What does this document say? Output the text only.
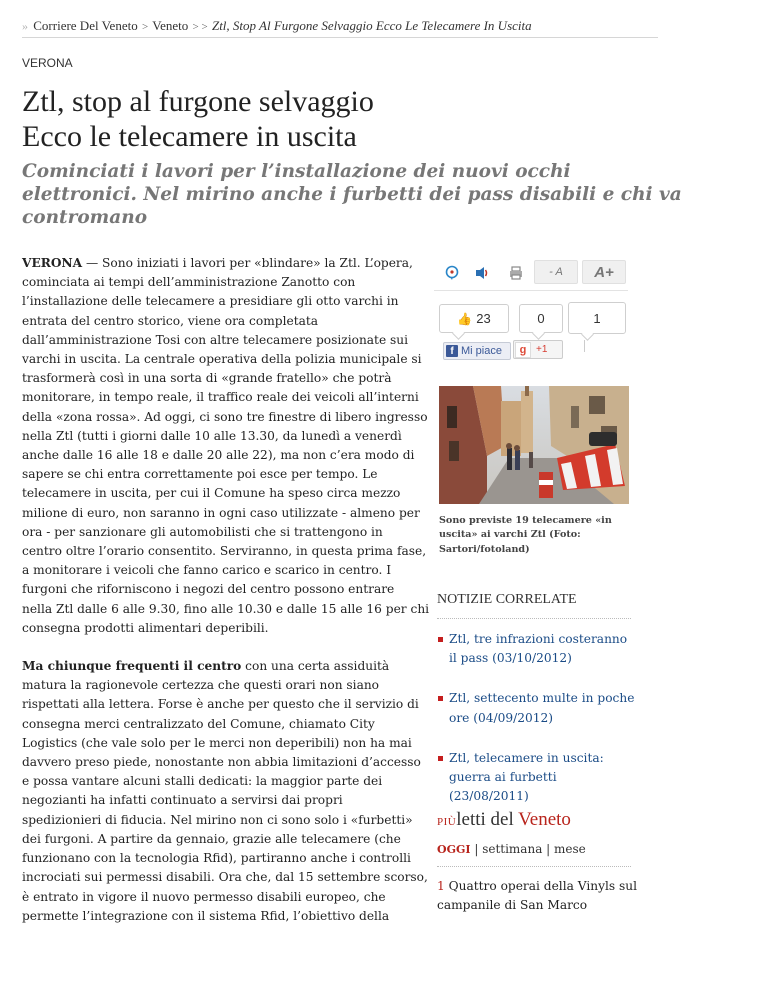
» Corriere Del Veneto > Veneto > > Ztl, Stop Al Furgone Selvaggio Ecco Le Telecamere In Uscita
VERONA
Ztl, stop al furgone selvaggio
Ecco le telecamere in uscita
Cominciati i lavori per l’installazione dei nuovi occhi
elettronici. Nel mirino anche i furbetti dei pass disabili e chi va
contromano

VERONA — Sono iniziati i lavori per «blindare» la Ztl. L’opera,
cominciata ai tempi dell’amministrazione Zanotto con
l’installazione delle telecamere a presidiare gli otto varchi in
entrata del centro storico, viene ora completata
dall’amministrazione Tosi con altre telecamere posizionate sui
varchi in uscita. La centrale operativa della polizia municipale si
trasformerà così in una sorta di «grande fratello» che potrà
monitorare, in tempo reale, il traffico reale dei veicoli all’interni
della «zona rossa». Ad oggi, ci sono tre finestre di libero ingresso
nella Ztl (tutti i giorni dalle 10 alle 13.30, da lunedì a venerdì
anche dalle 16 alle 18 e dalle 20 alle 22), ma non c’era modo di
sapere se chi entra correttamente poi esce per tempo. Le
telecamere in uscita, per cui il Comune ha speso circa mezzo
milione di euro, non saranno in ogni caso utilizzate - almeno per
ora - per sanzionare gli automobilisti che si trattengono in
centro oltre l’orario consentito. Serviranno, in questa prima fase,
a monitorare i veicoli che fanno carico e scarico in centro. I
furgoni che riforniscono i negozi del centro possono entrare
nella Ztl dalle 6 alle 9.30, fino alle 10.30 e dalle 15 alle 16 per chi
consegna prodotti alimentari deperibili.

Ma chiunque frequenti il centro con una certa assiduità
matura la ragionevole certezza che questi orari non siano
rispettati alla lettera. Forse è anche per questo che il servizio di
consegna merci centralizzato del Comune, chiamato City
Logistics (che vale solo per le merci non deperibili) non ha mai
davvero preso piede, nonostante non abbia limitazioni d’accesso
e possa vantare alcuni stalli dedicati: la maggior parte dei
negozianti ha infatti continuato a servirsi dai propri
spedizionieri di fiducia. Nel mirino non ci sono solo i «furbetti»
dei furgoni. A partire da gennaio, grazie alle telecamere (che
funzionano con la tecnologia Rfid), partiranno anche i controlli
incrociati sui permessi disabili. Ora che, dal 15 settembre scorso,
è entrato in vigore il nuovo permesso disabili europeo, che
permette l’integrazione con il sistema Rfid, l’obiettivo della

- A	A+
👍 23	0	1
f Mi piace	g +1
Sono previste 19 telecamere «in
uscita» ai varchi Ztl (Foto:
Sartori/fotoland)
NOTIZIE CORRELATE
Ztl, tre infrazioni costeranno
il pass (03/10/2012)
Ztl, settecento multe in poche
ore (04/09/2012)
Ztl, telecamere in uscita:
guerra ai furbetti
(23/08/2011)
PIÙletti del Veneto
OGGI | settimana | mese
1 Quattro operai della Vinyls sul
campanile di San Marco
